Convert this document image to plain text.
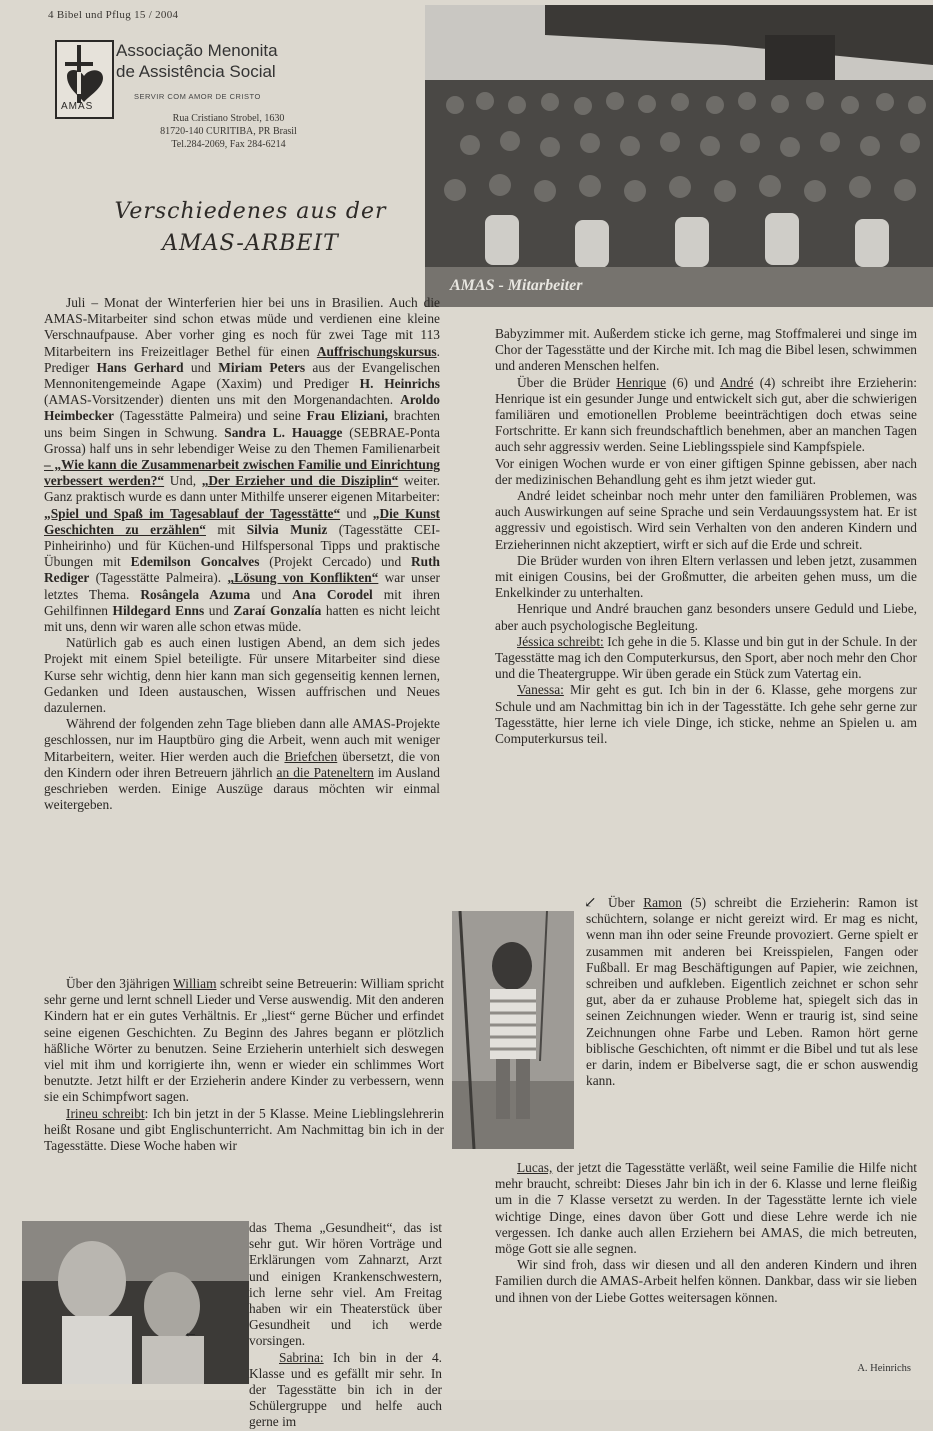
4 Bibel und Pflug 15 / 2004
AMAS
Associação Menonita
de Assistência Social
SERVIR COM AMOR DE CRISTO
Rua Cristiano Strobel, 1630
81720-140 CURITIBA, PR Brasil
Tel.284-2069, Fax 284-6214
Verschiedenes aus der
AMAS-ARBEIT
AMAS - Mitarbeiter

Juli – Monat der Winterferien hier bei uns in Brasilien. Auch die AMAS-Mitarbeiter sind schon etwas müde und verdienen eine kleine Verschnaufpause. Aber vorher ging es noch für zwei Tage mit 113 Mitarbeitern ins Freizeitlager Bethel für einen Auffrischungskursus. Prediger Hans Gerhard und Miriam Peters aus der Evangelischen Mennonitengemeinde Agape (Xaxim) und Prediger H. Heinrichs (AMAS-Vorsitzender) dienten uns mit den Morgenandachten. Aroldo Heimbecker (Tagesstätte Palmeira) und seine Frau Eliziani, brachten uns beim Singen in Schwung. Sandra L. Hauagge (SEBRAE-Ponta Grossa) half uns in sehr lebendiger Weise zu den Themen Familienarbeit – „Wie kann die Zusammenarbeit zwischen Familie und Einrichtung verbessert werden?“ Und, „Der Erzieher und die Disziplin“ weiter. Ganz praktisch wurde es dann unter Mithilfe unserer eigenen Mitarbeiter: „Spiel und Spaß im Tagesablauf der Tagesstätte“ und „Die Kunst Geschichten zu erzählen“ mit Silvia Muniz (Tagesstätte CEI-Pinheirinho) und für Küchen-und Hilfspersonal Tipps und praktische Übungen mit Edemilson Goncalves (Projekt Cercado) und Ruth Rediger (Tagesstätte Palmeira). „Lösung von Konflikten“ war unser letztes Thema. Rosângela Azuma und Ana Corodel mit ihren Gehilfinnen Hildegard Enns und Zaraí Gonzalía hatten es nicht leicht mit uns, denn wir waren alle schon etwas müde.

Natürlich gab es auch einen lustigen Abend, an dem sich jedes Projekt mit einem Spiel beteiligte. Für unsere Mitarbeiter sind diese Kurse sehr wichtig, denn hier kann man sich gegenseitig kennen lernen, Gedanken und Ideen austauschen, Wissen auffrischen und Neues dazulernen.

Während der folgenden zehn Tage blieben dann alle AMAS-Projekte geschlossen, nur im Hauptbüro ging die Arbeit, wenn auch mit weniger Mitarbeitern, weiter. Hier werden auch die Briefchen übersetzt, die von den Kindern oder ihren Betreuern jährlich an die Pateneltern im Ausland geschrieben werden. Einige Auszüge daraus möchten wir einmal weitergeben.

Über den 3jährigen William schreibt seine Betreuerin: William spricht sehr gerne und lernt schnell Lieder und Verse auswendig. Mit den anderen Kindern hat er ein gutes Verhältnis. Er „liest“ gerne Bücher und erfindet seine eigenen Geschichten. Zu Beginn des Jahres begann er plötzlich häßliche Wörter zu benutzen. Seine Erzieherin unterhielt sich deswegen viel mit ihm und korrigierte ihn, wenn er wieder ein schlimmes Wort benutzte. Jetzt hilft er der Erzieherin andere Kinder zu verbessern, wenn sie ein Schimpfwort sagen.

Irineu schreibt: Ich bin jetzt in der 5 Klasse. Meine Lieblingslehrerin heißt Rosane und gibt Englischunterricht. Am Nachmittag bin ich in der Tagesstätte. Diese Woche haben wir

das Thema „Gesundheit“, das ist sehr gut. Wir hören Vorträge und Erklärungen vom Zahnarzt, Arzt und einigen Krankenschwestern, ich lerne sehr viel. Am Freitag haben wir ein Theaterstück über Gesundheit und ich werde vorsingen.

Sabrina: Ich bin in der 4. Klasse und es gefällt mir sehr. In der Tagesstätte bin ich in der Schülergruppe und helfe auch gerne im

←

Babyzimmer mit. Außerdem sticke ich gerne, mag Stoffmalerei und singe im Chor der Tagesstätte und der Kirche mit. Ich mag die Bibel lesen, schwimmen und anderen Menschen helfen.

Über die Brüder Henrique (6) und André (4) schreibt ihre Erzieherin: Henrique ist ein gesunder Junge und entwickelt sich gut, aber die schwierigen familiären und emotionellen Probleme beeinträchtigen doch etwas seine Fortschritte. Er kann sich freundschaftlich benehmen, aber an manchen Tagen auch sehr aggressiv werden. Seine Lieblingsspiele sind Kampfspiele.

Vor einigen Wochen wurde er von einer giftigen Spinne gebissen, aber nach der medizinischen Behandlung geht es ihm jetzt wieder gut.

André leidet scheinbar noch mehr unter den familiären Problemen, was auch Auswirkungen auf seine Sprache und sein Verdauungssystem hat. Er ist aggressiv und egoistisch. Wird sein Verhalten von den anderen Kindern und Erzieherinnen nicht akzeptiert, wirft er sich auf die Erde und schreit.

Die Brüder wurden von ihren Eltern verlassen und leben jetzt, zusammen mit einigen Cousins, bei der Großmutter, die arbeiten gehen muss, um die Enkelkinder zu unterhalten.

Henrique und André brauchen ganz besonders unsere Geduld und Liebe, aber auch psychologische Begleitung.

Jéssica schreibt: Ich gehe in die 5. Klasse und bin gut in der Schule. In der Tagesstätte mag ich den Computerkursus, den Sport, aber noch mehr den Chor und die Theatergruppe. Wir üben gerade ein Stück zum Vatertag ein.

Vanessa: Mir geht es gut. Ich bin in der 6. Klasse, gehe morgens zur Schule und am Nachmittag bin ich in der Tagesstätte. Ich gehe sehr gerne zur Tagesstätte, hier lerne ich viele Dinge, ich sticke, nehme an Spielen u. am Computerkursus teil.

↙ Über Ramon (5) schreibt die Erzieherin: Ramon ist schüchtern, solange er nicht gereizt wird. Er mag es nicht, wenn man ihn oder seine Freunde provoziert. Gerne spielt er zusammen mit anderen bei Kreisspielen, Fangen oder Fußball. Er mag Beschäftigungen auf Papier, wie zeichnen, schreiben und aufkleben. Eigentlich zeichnet er schon sehr gut, aber da er zuhause Probleme hat, spiegelt sich das in seinen Zeichnungen wieder. Wenn er traurig ist, sind seine Zeichnungen ohne Farbe und Leben. Ramon hört gerne biblische Geschichten, oft nimmt er die Bibel und tut als lese er darin, indem er Bibelverse sagt, die er schon auswendig kann.

Lucas, der jetzt die Tagesstätte verläßt, weil seine Familie die Hilfe nicht mehr braucht, schreibt: Dieses Jahr bin ich in der 6. Klasse und lerne fleißig um in die 7 Klasse versetzt zu werden. In der Tagesstätte lernte ich viele wichtige Dinge, eines davon über Gott und diese Lehre werde ich nie vergessen. Ich danke auch allen Erziehern bei AMAS, die mich betreuten, möge Gott sie alle segnen.

Wir sind froh, dass wir diesen und all den anderen Kindern und ihren Familien durch die AMAS-Arbeit helfen können. Dankbar, dass wir sie lieben und ihnen von der Liebe Gottes weitersagen können.

A. Heinrichs
